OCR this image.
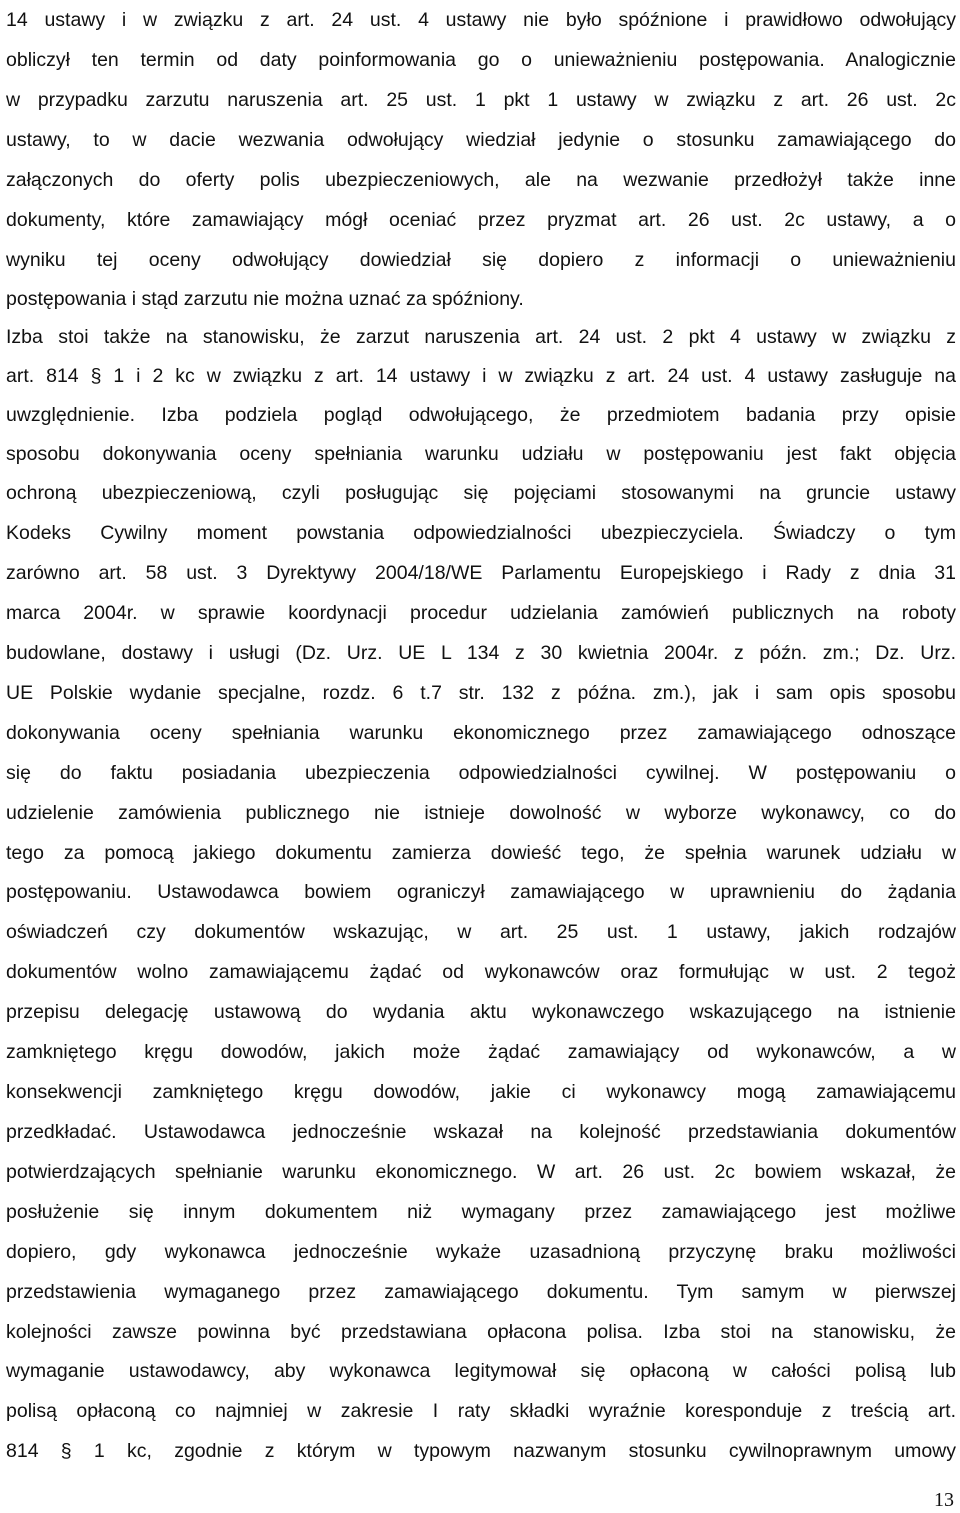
14 ustawy i w związku z art. 24 ust. 4 ustawy nie było spóźnione i prawidłowo odwołujący
obliczył ten termin od daty poinformowania go o unieważnieniu postępowania. Analogicznie
w przypadku zarzutu naruszenia art. 25 ust. 1 pkt 1 ustawy w związku z art. 26 ust. 2c
ustawy, to w dacie wezwania odwołujący wiedział jedynie o stosunku zamawiającego do
załączonych do oferty polis ubezpieczeniowych, ale na wezwanie przedłożył także inne
dokumenty, które zamawiający mógł oceniać przez pryzmat art. 26 ust. 2c ustawy, a o
wyniku tej oceny odwołujący dowiedział się dopiero z informacji o unieważnieniu
postępowania i stąd zarzutu nie można uznać za spóźniony.
Izba stoi także na stanowisku, że zarzut naruszenia art. 24 ust. 2 pkt 4 ustawy w związku z
art. 814 § 1 i 2 kc w związku z art. 14 ustawy i w związku z art. 24 ust. 4 ustawy zasługuje na
uwzględnienie. Izba podziela pogląd odwołującego, że przedmiotem badania przy opisie
sposobu dokonywania oceny spełniania warunku udziału w postępowaniu jest fakt objęcia
ochroną ubezpieczeniową, czyli posługując się pojęciami stosowanymi na gruncie ustawy
Kodeks Cywilny moment powstania odpowiedzialności ubezpieczyciela. Świadczy o tym
zarówno art. 58 ust. 3 Dyrektywy 2004/18/WE Parlamentu Europejskiego i Rady z dnia 31
marca 2004r. w sprawie koordynacji procedur udzielania zamówień publicznych na roboty
budowlane, dostawy i usługi (Dz. Urz. UE L 134 z 30 kwietnia 2004r. z późn. zm.; Dz. Urz.
UE Polskie wydanie specjalne, rozdz. 6 t.7 str. 132 z późna. zm.), jak i sam opis sposobu
dokonywania oceny spełniania warunku ekonomicznego przez zamawiającego odnoszące
się do faktu posiadania ubezpieczenia odpowiedzialności cywilnej. W postępowaniu o
udzielenie zamówienia publicznego nie istnieje dowolność w wyborze wykonawcy, co do
tego za pomocą jakiego dokumentu zamierza dowieść tego, że spełnia warunek udziału w
postępowaniu. Ustawodawca bowiem ograniczył zamawiającego w uprawnieniu do żądania
oświadczeń czy dokumentów wskazując, w art. 25 ust. 1 ustawy, jakich rodzajów
dokumentów wolno zamawiającemu żądać od wykonawców oraz formułując w ust. 2 tegoż
przepisu delegację ustawową do wydania aktu wykonawczego wskazującego na istnienie
zamkniętego kręgu dowodów, jakich może żądać zamawiający od wykonawców, a w
konsekwencji zamkniętego kręgu dowodów, jakie ci wykonawcy mogą zamawiającemu
przedkładać. Ustawodawca jednocześnie wskazał na kolejność przedstawiania dokumentów
potwierdzających spełnianie warunku ekonomicznego. W art. 26 ust. 2c bowiem wskazał, że
posłużenie się innym dokumentem niż wymagany przez zamawiającego jest możliwe
dopiero, gdy wykonawca jednocześnie wykaże uzasadnioną przyczynę braku możliwości
przedstawienia wymaganego przez zamawiającego dokumentu. Tym samym w pierwszej
kolejności zawsze powinna być przedstawiana opłacona polisa. Izba stoi na stanowisku, że
wymaganie ustawodawcy, aby wykonawca legitymował się opłaconą w całości polisą lub
polisą opłaconą co najmniej w zakresie I raty składki wyraźnie koresponduje z treścią art.
814 § 1 kc, zgodnie z którym w typowym nazwanym stosunku cywilnoprawnym umowy
13
